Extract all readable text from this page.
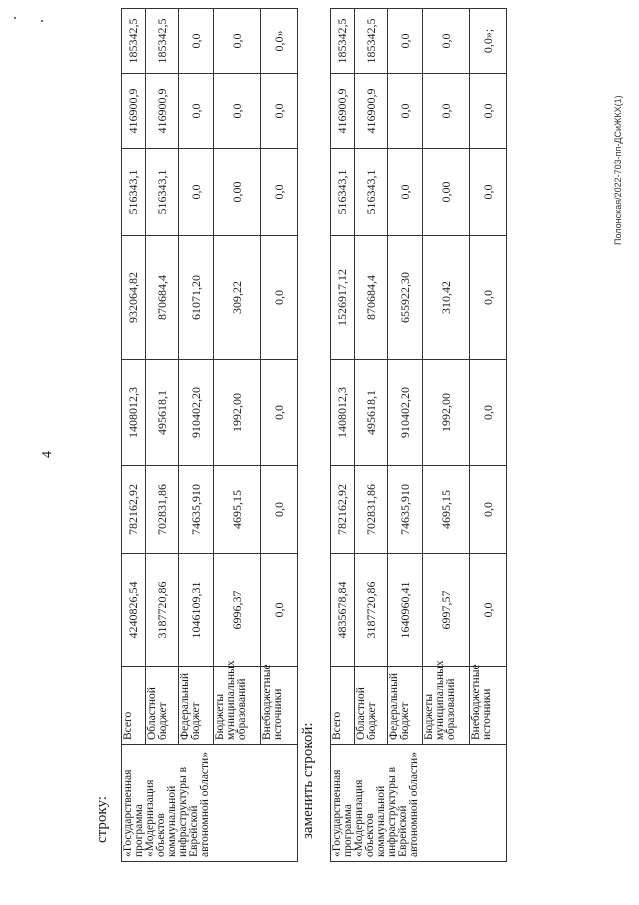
4
строку: «Государственная программа «Модернизация объектов коммунальной инфраструктуры в Еврейской автономной области»	Всего	4240826,54	782162,92	1408012,3	932064,82	516343,1	416900,9	185342,5
	Областной бюджет	3187720,86	702831,86	495618,1	870684,4	516343,1	416900,9	185342,5
	Федеральный бюджет	1046109,31	74635,910	910402,20	61071,20	0,0	0,0	0,0
	Бюджеты муниципальных образований	6996,37	4695,15	1992,00	309,22	0,00	0,0	0,0
	Внебюджетные источники	0,0	0,0	0,0	0,0	0,0	0,0	0,0»
заменить строкой: «Государственная программа «Модернизация объектов коммунальной инфраструктуры в Еврейской автономной области»	Всего	4835678,84	782162,92	1408012,3	1526917,12	516343,1	416900,9	185342,5
	Областной бюджет	3187720,86	702831,86	495618,1	870684,4	516343,1	416900,9	185342,5
	Федеральный бюджет	1640960,41	74635,910	910402,20	655922,30	0,0	0,0	0,0
	Бюджеты муниципальных образований	6997,57	4695,15	1992,00	310,42	0,00	0,0	0,0
	Внебюджетные источники	0,0	0,0	0,0	0,0	0,0	0,0	0,0»;
Полонская/2022-703-пп-ДСиЖКХ(1)
